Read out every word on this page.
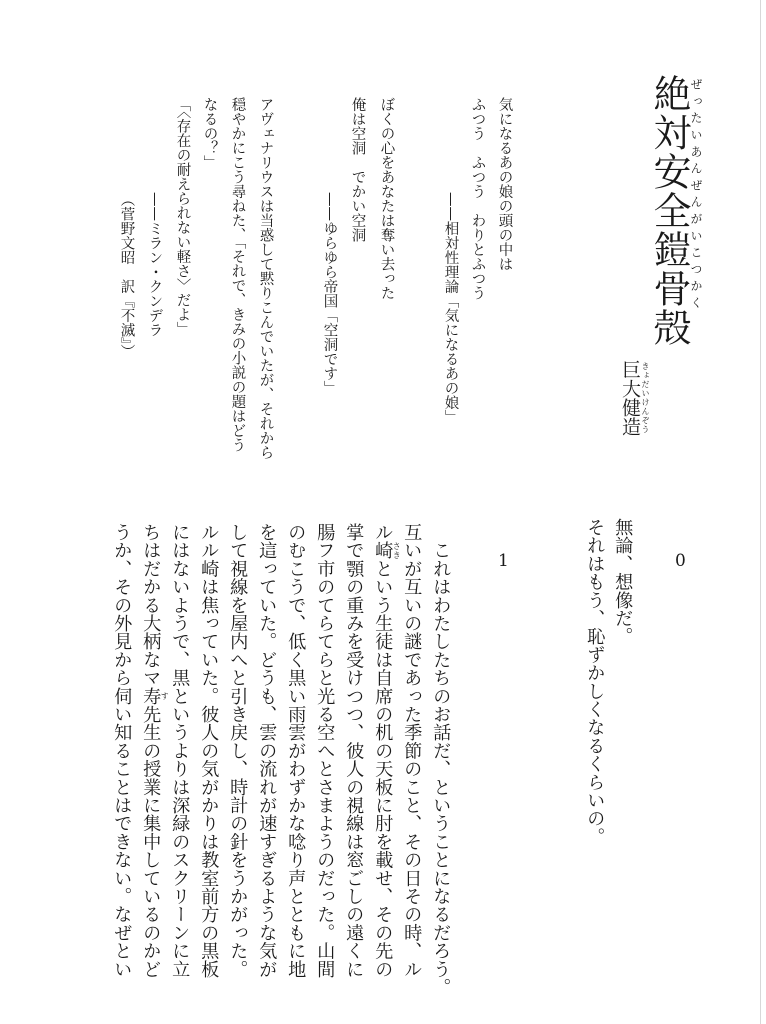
絶対安全鎧骨殻
ぜったいあんぜんがいこつかく
巨大健造 きょだいけんぞう
気になるあの娘の頭の中は
ふつう　ふつう　わりとふつう
——相対性理論「気になるあの娘」
ぼくの心をあなたは奪い去った
俺は空洞　でかい空洞
——ゆらゆら帝国「空洞です」
アヴェナリウスは当惑して黙りこんでいたが、それから
穏やかにこう尋ねた、「それで、きみの小説の題はどう
なるの？」
「〈存在の耐えられない軽さ〉だよ」
——ミラン・クンデラ
（菅野文昭　訳『不滅』）
0
無論、想像だ。
それはもう、恥ずかしくなるくらいの。
1
　これはわたしたちのお話だ、ということになるだろう。
互いが互いの謎であった季節のこと、その日その時、ル
ル崎 さきという生徒は自席の机の天板に肘を載せ、その先の
掌で顎の重みを受けつつ、彼人の視線は窓ごしの遠くに
腸フ市のてらてらと光る空へとさまようのだった。山間
のむこうで、低く黒い雨雲がわずかな唸り声とともに地
を這っていた。どうも、雲の流れが速すぎるような気が
して視線を屋内へと引き戻し、時計の針をうかがった。
ルル崎は焦っていた。彼人の気がかりは教室前方の黒板
にはないようで、黒というよりは深緑のスクリーンに立
ちはだかる大柄なマ寿 す先生の授業に集中しているのかど
うか、その外見から伺い知ることはできない。なぜとい
